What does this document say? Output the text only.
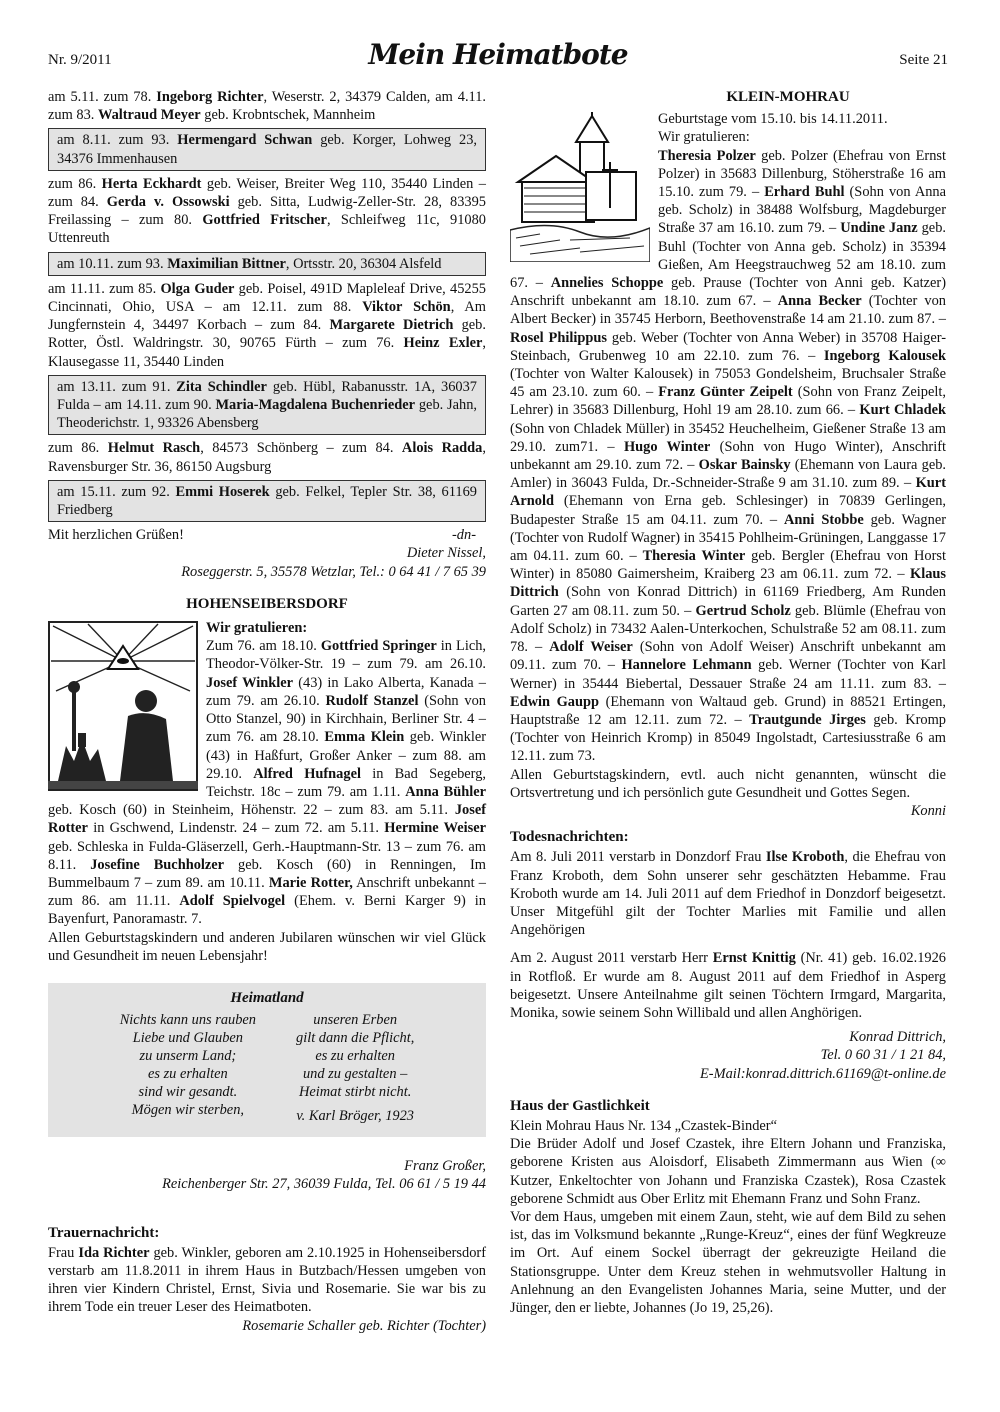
Nr. 9/2011	Mein Heimatbote	Seite 21

am 5.11. zum 78. Ingeborg Richter, Weserstr. 2, 34379 Calden, am 4.11. zum 83. Waltraud Meyer geb. Krobntschek, Mannheim

am 8.11. zum 93. Hermengard Schwan geb. Korger, Lohweg 23, 34376 Immenhausen

zum 86. Herta Eckhardt geb. Weiser, Breiter Weg 110, 35440 Linden – zum 84. Gerda v. Ossowski geb. Sitta, Ludwig-Zeller-Str. 28, 83395 Freilassing – zum 80. Gottfried Fritscher, Schleifweg 11c, 91080 Uttenreuth

am 10.11. zum 93. Maximilian Bittner, Ortsstr. 20, 36304 Alsfeld

am 11.11. zum 85. Olga Guder geb. Poisel, 491D Mapleleaf Drive, 45255 Cincinnati, Ohio, USA – am 12.11. zum 88. Viktor Schön, Am Jungfernstein 4, 34497 Korbach – zum 84. Margarete Dietrich geb. Rotter, Östl. Waldringstr. 30, 90765 Fürth – zum 76. Heinz Exler, Klausegasse 11, 35440 Linden

am 13.11. zum 91. Zita Schindler geb. Hübl, Rabanusstr. 1A, 36037 Fulda – am 14.11. zum 90. Maria-Magdalena Buchenrieder geb. Jahn, Theoderichstr. 1, 93326 Abensberg

zum 86. Helmut Rasch, 84573 Schönberg – zum 84. Alois Radda, Ravensburger Str. 36, 86150 Augsburg

am 15.11. zum 92. Emmi Hoserek geb. Felkel, Tepler Str. 38, 61169 Friedberg

Mit herzlichen Grüßen!	-dn-

Dieter Nissel,

Roseggerstr. 5, 35578 Wetzlar, Tel.: 0 64 41 / 7 65 39

HOHENSEIBERSDORF

Wir gratulieren:

Zum 76. am 18.10. Gottfried Springer in Lich, Theodor-Völker-Str. 19 – zum 79. am 26.10. Josef Winkler (43) in Lako Alberta, Kanada – zum 79. am 26.10. Rudolf Stanzel (Sohn von Otto Stanzel, 90) in Kirchhain, Berliner Str. 4 – zum 76. am 28.10. Emma Klein geb. Winkler (43) in Haßfurt, Großer Anker – zum 88. am 29.10. Alfred Hufnagel in Bad Segeberg, Teichstr. 18c – zum 79. am 1.11. Anna Bühler geb. Kosch (60) in Steinheim, Höhenstr. 22 – zum 83. am 5.11. Josef Rotter in Gschwend, Lindenstr. 24 – zum 72. am 5.11. Hermine Weiser geb. Schleska in Fulda-Gläserzell, Gerh.-Hauptmann-Str. 13 – zum 76. am 8.11. Josefine Buchholzer geb. Kosch (60) in Renningen, Im Bummelbaum 7 – zum 89. am 10.11. Marie Rotter, Anschrift unbekannt – zum 86. am 11.11. Adolf Spielvogel (Ehem. v. Berni Karger 9) in Bayenfurt, Panoramastr. 7.

Allen Geburtstagskindern und anderen Jubilaren wünschen wir viel Glück und Gesundheit im neuen Lebensjahr!

Heimatland
Nichts kann uns rauben
Liebe und Glauben
zu unserm Land;
es zu erhalten
sind wir gesandt.
Mögen wir sterben,
unseren Erben
gilt dann die Pflicht,
es zu erhalten
und zu gestalten –
Heimat stirbt nicht.
v. Karl Bröger, 1923

Franz Großer,

Reichenberger Str. 27, 36039 Fulda, Tel. 06 61 / 5 19 44

Trauernachricht:

Frau Ida Richter geb. Winkler, geboren am 2.10.1925 in Hohenseibersdorf verstarb am 11.8.2011 in ihrem Haus in Butzbach/Hessen umgeben von ihren vier Kindern Christel, Ernst, Sivia und Rosemarie. Sie war bis zu ihrem Tode ein treuer Leser des Heimatboten.

Rosemarie Schaller geb. Richter (Tochter)

KLEIN-MOHRAU

Geburtstage vom 15.10. bis 14.11.2011.

Wir gratulieren:

Theresia Polzer geb. Polzer (Ehefrau von Ernst Polzer) in 35683 Dillenburg, Stöherstraße 16 am 15.10. zum 79. – Erhard Buhl (Sohn von Anna geb. Scholz) in 38488 Wolfsburg, Magdeburger Straße 37 am 16.10. zum 79. – Undine Janz geb. Buhl (Tochter von Anna geb. Scholz) in 35394 Gießen, Am Heegstrauchweg 52 am 18.10. zum 67. – Annelies Schoppe geb. Prause (Tochter von Anni geb. Katzer) Anschrift unbekannt am 18.10. zum 67. – Anna Becker (Tochter von Albert Becker) in 35745 Herborn, Beethovenstraße 14 am 21.10. zum 87. – Rosel Philippus geb. Weber (Tochter von Anna Weber) in 35708 Haiger-Steinbach, Grubenweg 10 am 22.10. zum 76. – Ingeborg Kalousek (Tochter von Walter Kalousek) in 75053 Gondelsheim, Bruchsaler Straße 45 am 23.10. zum 60. – Franz Günter Zeipelt (Sohn von Franz Zeipelt, Lehrer) in 35683 Dillenburg, Hohl 19 am 28.10. zum 66. – Kurt Chladek (Sohn von Chladek Müller) in 35452 Heuchelheim, Gießener Straße 13 am 29.10. zum71. – Hugo Winter (Sohn von Hugo Winter), Anschrift unbekannt am 29.10. zum 72. – Oskar Bainsky (Ehemann von Laura geb. Amler) in 36043 Fulda, Dr.-Schneider-Straße 9 am 31.10. zum 89. – Kurt Arnold (Ehemann von Erna geb. Schlesinger) in 70839 Gerlingen, Budapester Straße 15 am 04.11. zum 70. – Anni Stobbe geb. Wagner (Tochter von Rudolf Wagner) in 35415 Pohlheim-Grüningen, Langgasse 17 am 04.11. zum 60. – Theresia Winter geb. Bergler (Ehefrau von Horst Winter) in 85080 Gaimersheim, Kraiberg 23 am 06.11. zum 72. – Klaus Dittrich (Sohn von Konrad Dittrich) in 61169 Friedberg, Am Runden Garten 27 am 08.11. zum 50. – Gertrud Scholz geb. Blümle (Ehefrau von Adolf Scholz) in 73432 Aalen-Unterkochen, Schulstraße 52 am 08.11. zum 78. – Adolf Weiser (Sohn von Adolf Weiser) Anschrift unbekannt am 09.11. zum 70. – Hannelore Lehmann geb. Werner (Tochter von Karl Werner) in 35444 Biebertal, Dessauer Straße 24 am 11.11. zum 83. – Edwin Gaupp (Ehemann von Waltaud geb. Grund) in 88521 Ertingen, Hauptstraße 12 am 12.11. zum 72. – Trautgunde Jirges geb. Kromp (Tochter von Heinrich Kromp) in 85049 Ingolstadt, Cartesiusstraße 6 am 12.11. zum 73.

Allen Geburtstagskindern, evtl. auch nicht genannten, wünscht die Ortsvertretung und ich persönlich gute Gesundheit und Gottes Segen.

Konni

Todesnachrichten:

Am 8. Juli 2011 verstarb in Donzdorf Frau Ilse Kroboth, die Ehefrau von Franz Kroboth, dem Sohn unserer sehr geschätzten Hebamme. Frau Kroboth wurde am 14. Juli 2011 auf dem Friedhof in Donzdorf beigesetzt. Unser Mitgefühl gilt der Tochter Marlies mit Familie und allen Angehörigen

Am 2. August 2011 verstarb Herr Ernst Knittig (Nr. 41) geb. 16.02.1926 in Rotfloß. Er wurde am 8. August 2011 auf dem Friedhof in Asperg beigesetzt. Unsere Anteilnahme gilt seinen Töchtern Irmgard, Margarita, Monika, sowie seinem Sohn Willibald und allen Anghörigen.

Konrad Dittrich,

Tel. 0 60 31 / 1 21 84,

E-Mail:konrad.dittrich.61169@t-online.de

Haus der Gastlichkeit

Klein Mohrau Haus Nr. 134 „Czastek-Binder“

Die Brüder Adolf und Josef Czastek, ihre Eltern Johann und Franziska, geborene Kristen aus Aloisdorf, Elisabeth Zimmermann aus Wien (∞ Kutzer, Enkeltochter von Johann und Franziska Czastek), Rosa Czastek geborene Schmidt aus Ober Erlitz mit Ehemann Franz und Sohn Franz.

Vor dem Haus, umgeben mit einem Zaun, steht, wie auf dem Bild zu sehen ist, das im Volksmund bekannte „Runge-Kreuz“, eines der fünf Wegkreuze im Ort. Auf einem Sockel überragt der gekreuzigte Heiland die Stationsgruppe. Unter dem Kreuz stehen in wehmutsvoller Haltung in Anlehnung an den Evangelisten Johannes Maria, seine Mutter, und der Jünger, den er liebte, Johannes (Jo 19, 25,26).
